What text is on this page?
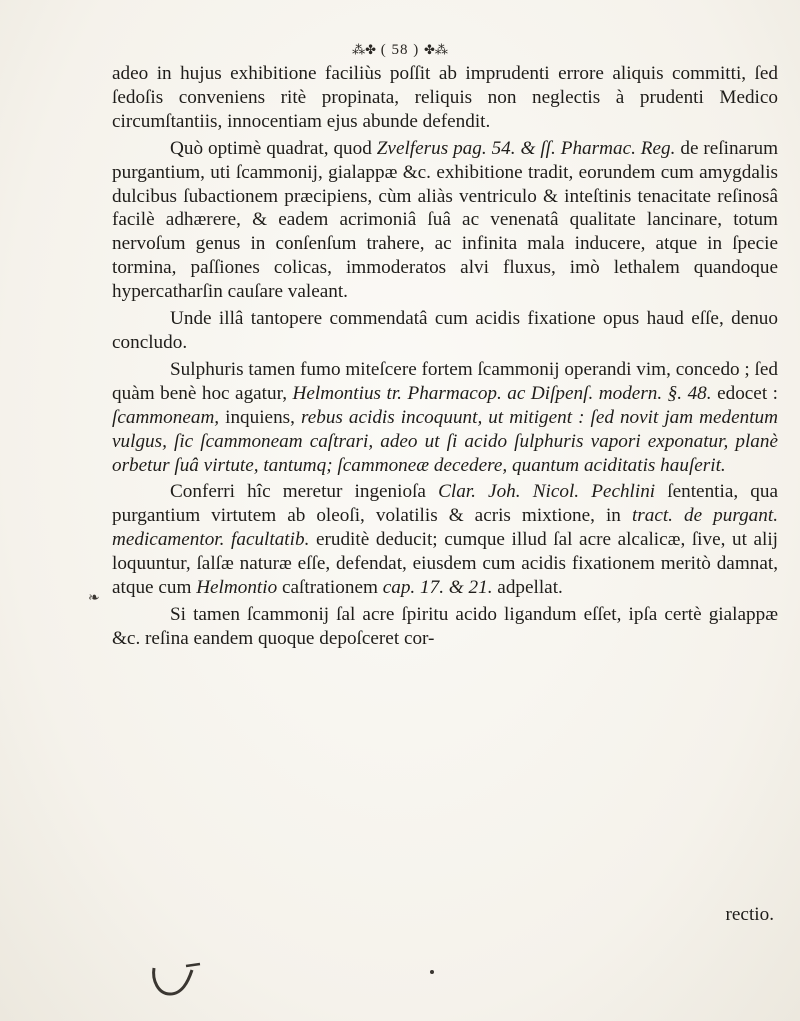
⁂✤ ( 58 ) ✤⁂
❧

adeo in hujus exhibitione faciliùs poſſit ab imprudenti errore aliquis committi, ſed ſedoſis conveniens ritè propinata, reliquis non neglectis à prudenti Medico circumſtantiis, innocentiam ejus abunde defendit.

Quò optimè quadrat, quod Zvelferus pag. 54. & ſſ. Pharmac. Reg. de reſinarum purgantium, uti ſcammonij, gialappæ &c. exhibitione tradit, eorundem cum amygdalis dulcibus ſubactionem præcipiens, cùm aliàs ventriculo & inteſtinis tenacitate reſinosâ facilè adhærere, & eadem acrimoniâ ſuâ ac venenatâ qualitate lancinare, totum nervoſum genus in conſenſum trahere, ac infinita mala inducere, atque in ſpecie tormina, paſſiones colicas, immoderatos alvi fluxus, imò lethalem quandoque hypercatharſin cauſare valeant.

Unde illâ tantopere commendatâ cum acidis fixatione opus haud eſſe, denuo concludo.

Sulphuris tamen fumo miteſcere fortem ſcammonij operandi vim, concedo ; ſed quàm benè hoc agatur, Helmontius tr. Pharmacop. ac Diſpenſ. modern. §. 48. edocet : ſcammoneam, inquiens, rebus acidis incoquunt, ut mitigent : ſed novit jam medentum vulgus, ſic ſcammoneam caſtrari, adeo ut ſi acido ſulphuris vapori exponatur, planè orbetur ſuâ virtute, tantumq; ſcammoneæ decedere, quantum aciditatis hauſerit.

Conferri hîc meretur ingenioſa Clar. Joh. Nicol. Pechlini ſententia, qua purgantium virtutem ab oleoſi, volatilis & acris mixtione, in tract. de purgant. medicamentor. facultatib. eruditè deducit; cumque illud ſal acre alcalicæ, ſive, ut alij loquuntur, ſalſæ naturæ eſſe, defendat, eiusdem cum acidis fixationem meritò damnat, atque cum Helmontio caſtrationem cap. 17. & 21. adpellat.

Si tamen ſcammonij ſal acre ſpiritu acido ligandum eſſet, ipſa certè gialappæ &c. reſina eandem quoque depoſceret cor-

rectio.
